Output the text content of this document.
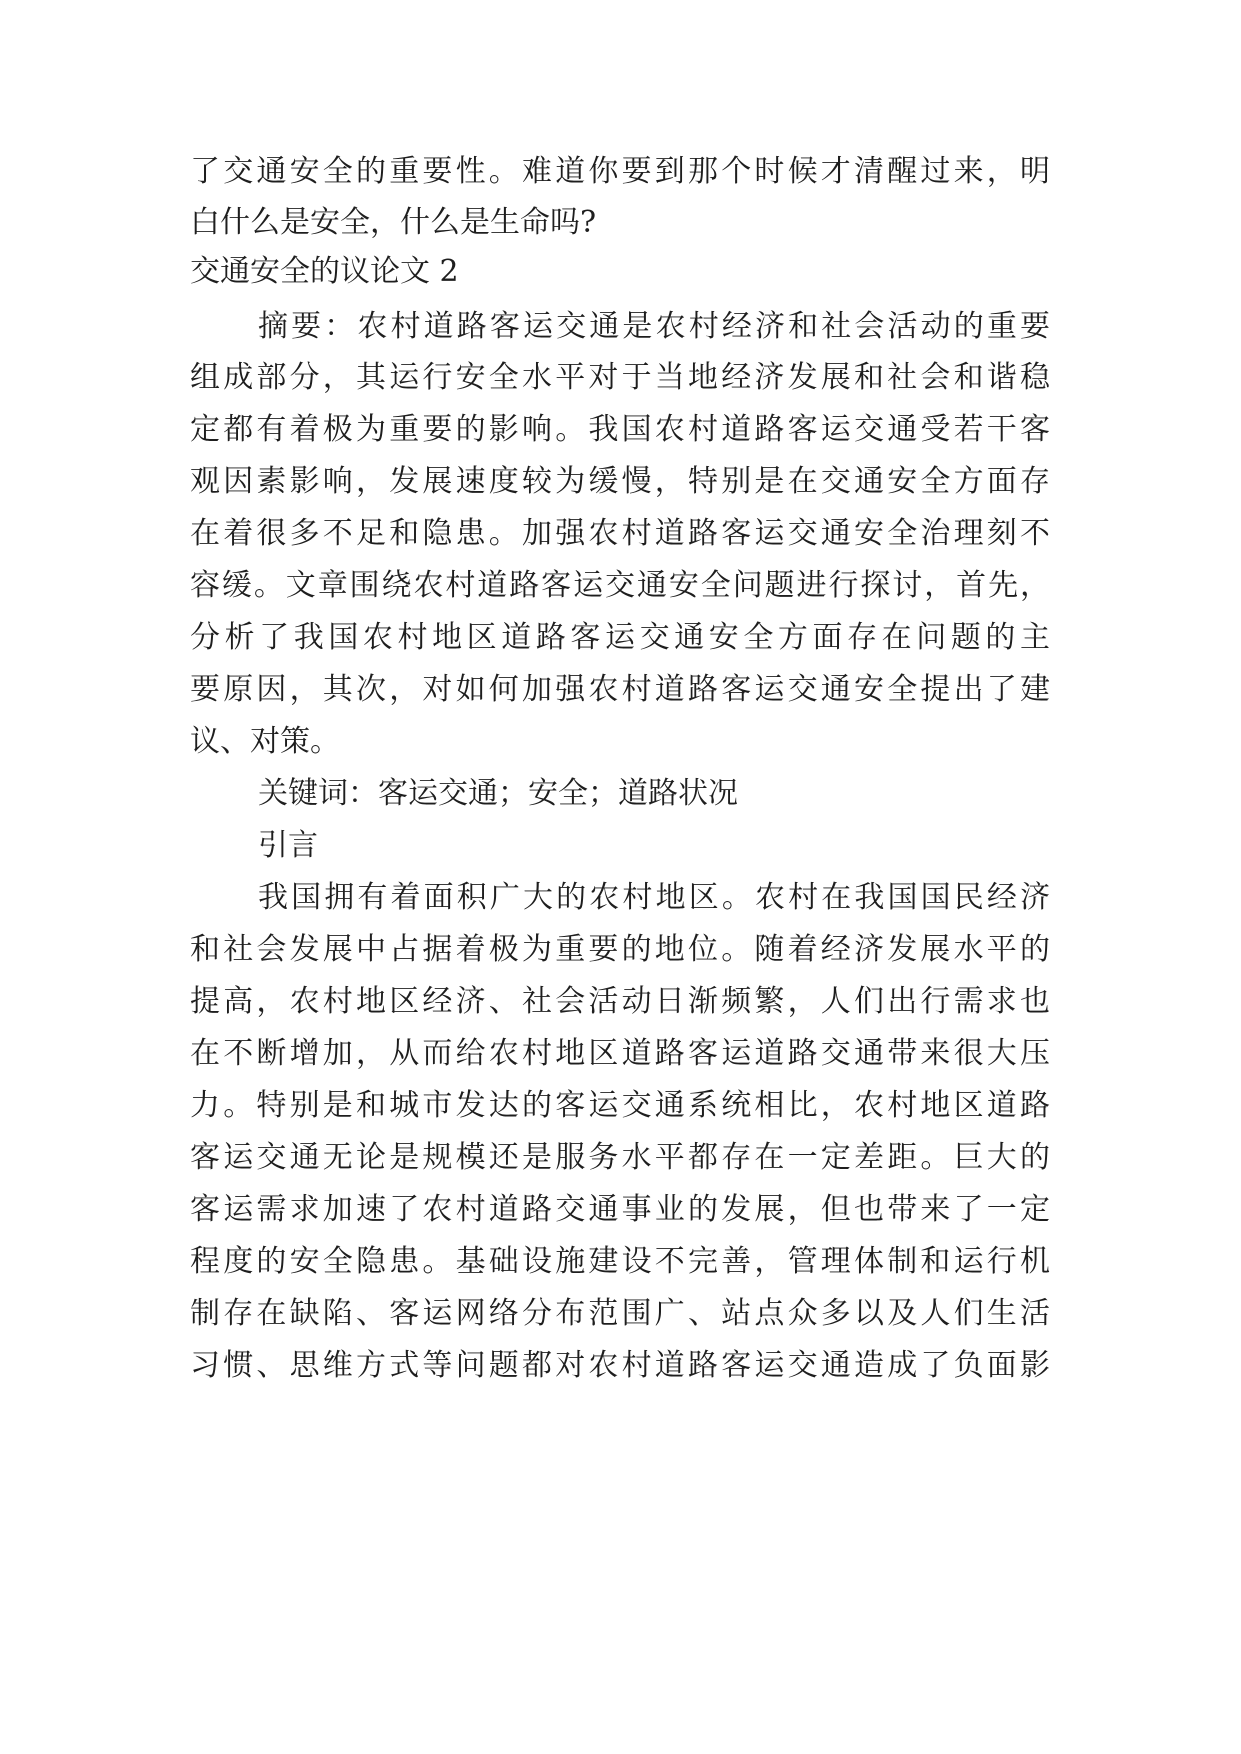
了交通安全的重要性。难道你要到那个时候才清醒过来，明
白什么是安全，什么是生命吗?
交通安全的议论文 2
摘要：农村道路客运交通是农村经济和社会活动的重要
组成部分，其运行安全水平对于当地经济发展和社会和谐稳
定都有着极为重要的影响。我国农村道路客运交通受若干客
观因素影响，发展速度较为缓慢，特别是在交通安全方面存
在着很多不足和隐患。加强农村道路客运交通安全治理刻不
容缓。文章围绕农村道路客运交通安全问题进行探讨，首先，
分析了我国农村地区道路客运交通安全方面存在问题的主
要原因，其次，对如何加强农村道路客运交通安全提出了建
议、对策。
关键词：客运交通；安全；道路状况
引言
我国拥有着面积广大的农村地区。农村在我国国民经济
和社会发展中占据着极为重要的地位。随着经济发展水平的
提高，农村地区经济、社会活动日渐频繁，人们出行需求也
在不断增加，从而给农村地区道路客运道路交通带来很大压
力。特别是和城市发达的客运交通系统相比，农村地区道路
客运交通无论是规模还是服务水平都存在一定差距。巨大的
客运需求加速了农村道路交通事业的发展，但也带来了一定
程度的安全隐患。基础设施建设不完善，管理体制和运行机
制存在缺陷、客运网络分布范围广、站点众多以及人们生活
习惯、思维方式等问题都对农村道路客运交通造成了负面影
